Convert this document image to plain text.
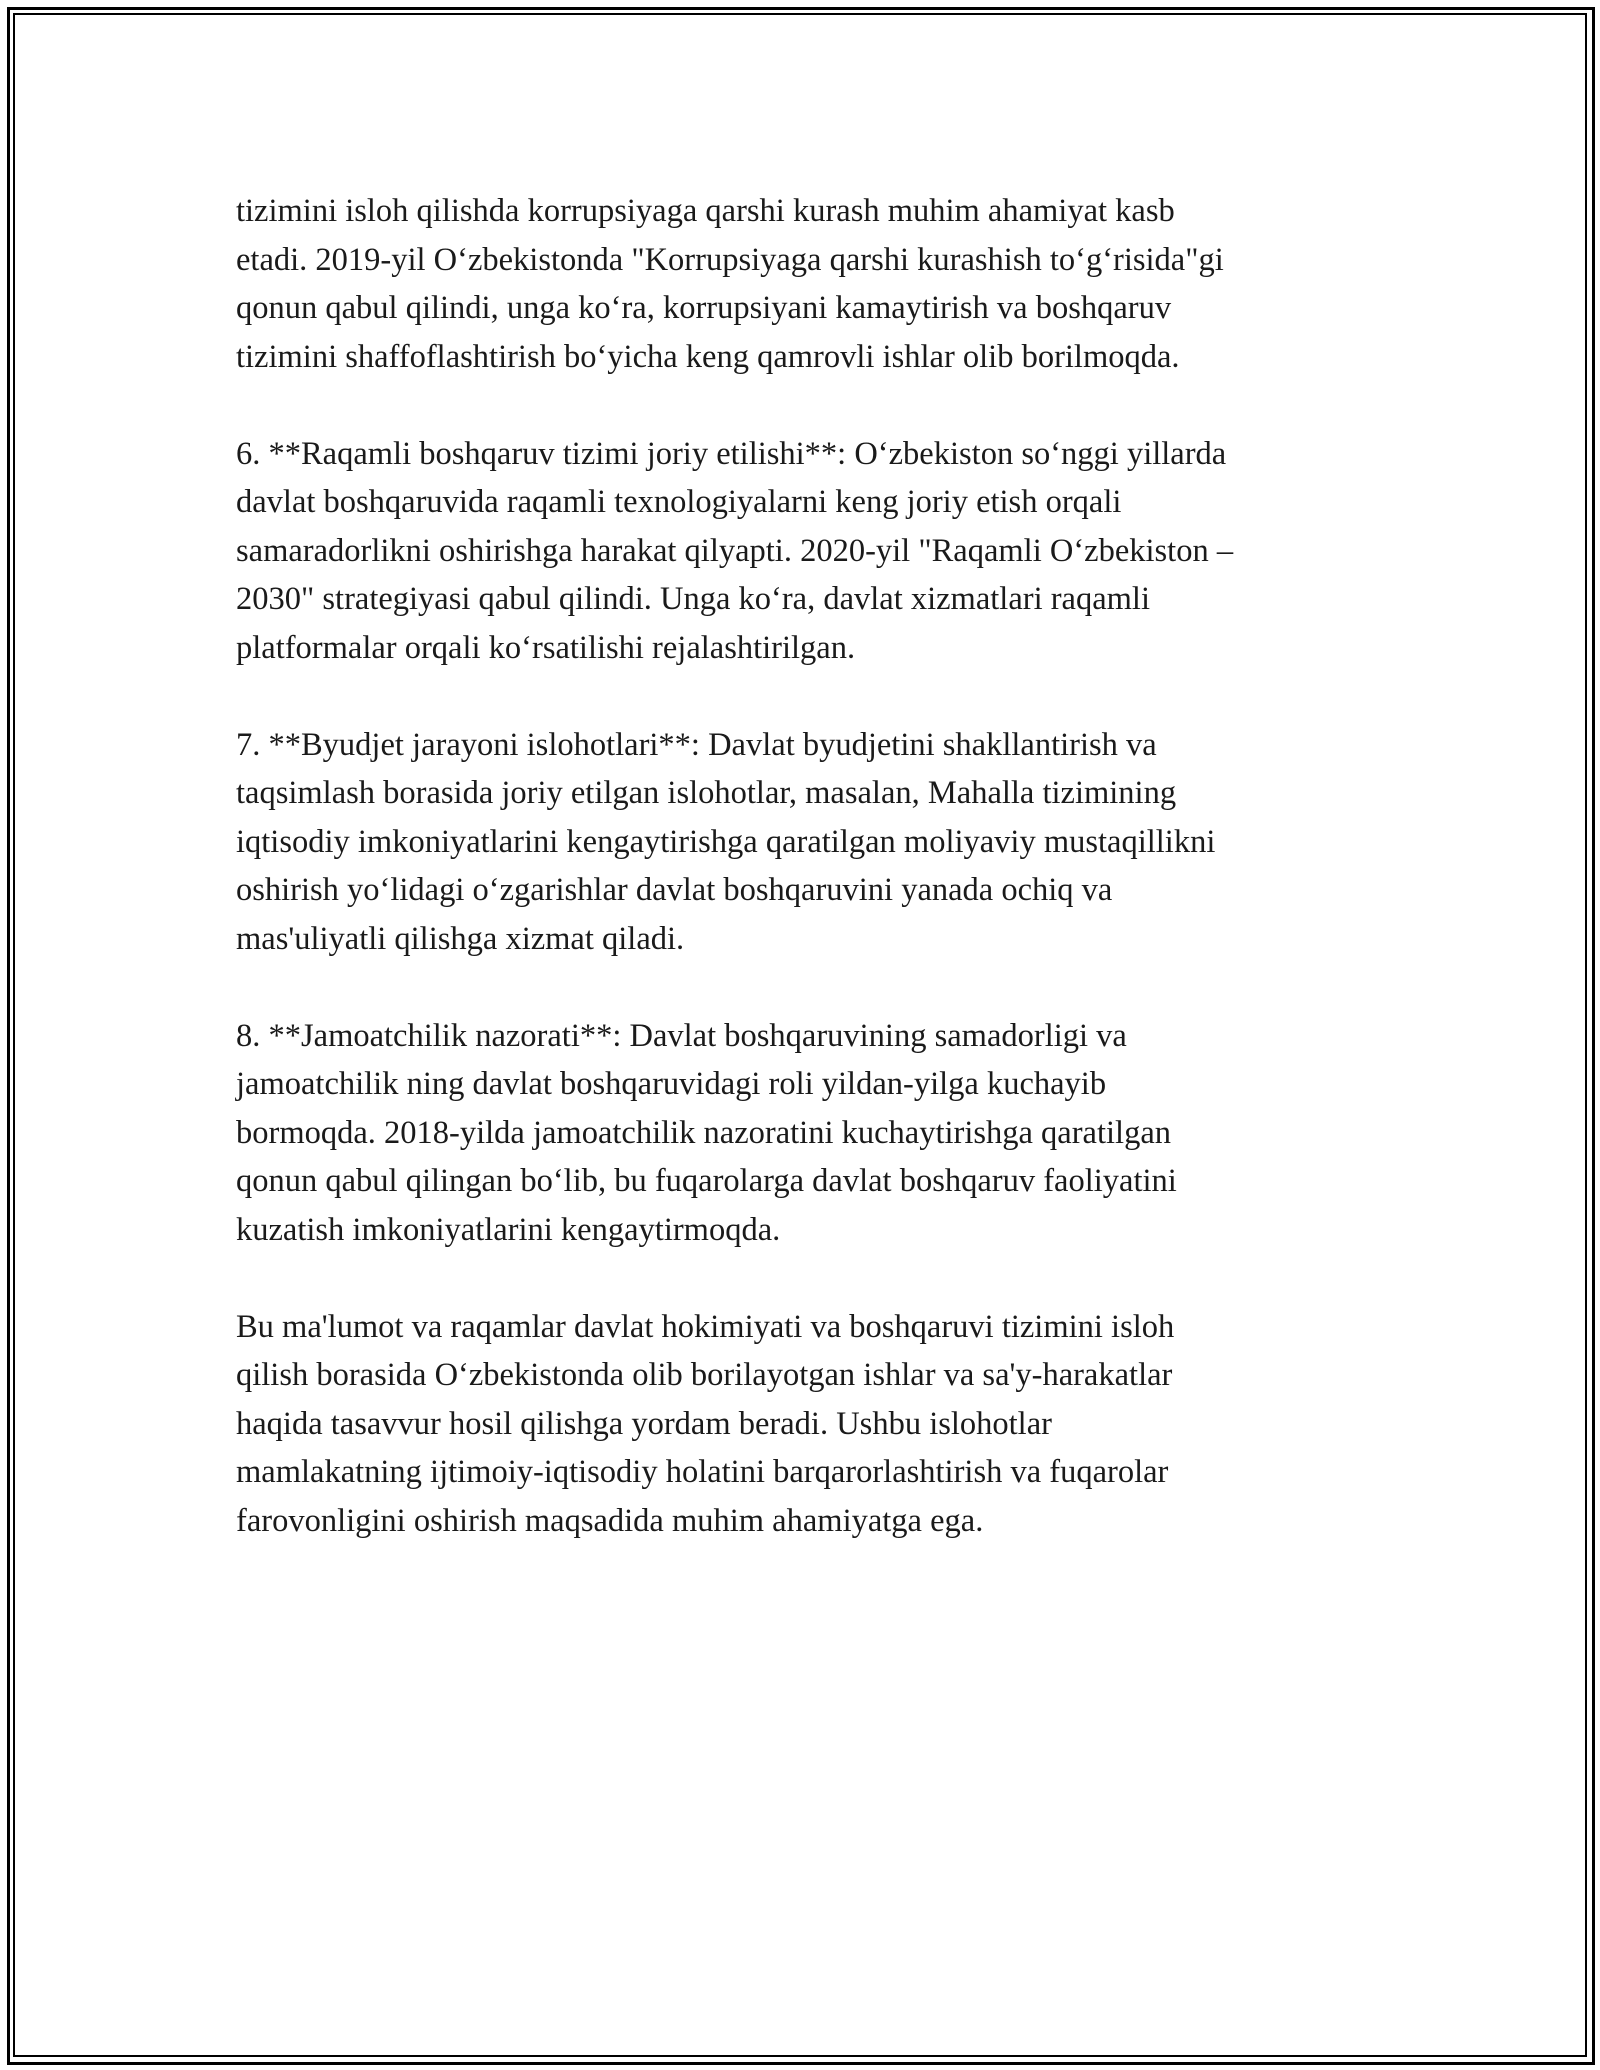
tizimini isloh qilishda korrupsiyaga qarshi kurash muhim ahamiyat kasb
etadi. 2019-yil Oʻzbekistonda "Korrupsiyaga qarshi kurashish toʻgʻrisida"gi
qonun qabul qilindi, unga koʻra, korrupsiyani kamaytirish va boshqaruv
tizimini shaffoflashtirish boʻyicha keng qamrovli ishlar olib borilmoqda.

6. **Raqamli boshqaruv tizimi joriy etilishi**: Oʻzbekiston soʻnggi yillarda
davlat boshqaruvida raqamli texnologiyalarni keng joriy etish orqali
samaradorlikni oshirishga harakat qilyapti. 2020-yil "Raqamli Oʻzbekiston –
2030" strategiyasi qabul qilindi. Unga koʻra, davlat xizmatlari raqamli
platformalar orqali koʻrsatilishi rejalashtirilgan.

7. **Byudjet jarayoni islohotlari**: Davlat byudjetini shakllantirish va
taqsimlash borasida joriy etilgan islohotlar, masalan, Mahalla tizimining
iqtisodiy imkoniyatlarini kengaytirishga qaratilgan moliyaviy mustaqillikni
oshirish yoʻlidagi oʻzgarishlar davlat boshqaruvini yanada ochiq va
mas'uliyatli qilishga xizmat qiladi.

8. **Jamoatchilik nazorati**: Davlat boshqaruvining samadorligi va
jamoatchilik ning davlat boshqaruvidagi roli yildan-yilga kuchayib
bormoqda. 2018-yilda jamoatchilik nazoratini kuchaytirishga qaratilgan
qonun qabul qilingan boʻlib, bu fuqarolarga davlat boshqaruv faoliyatini
kuzatish imkoniyatlarini kengaytirmoqda.

Bu ma'lumot va raqamlar davlat hokimiyati va boshqaruvi tizimini isloh
qilish borasida Oʻzbekistonda olib borilayotgan ishlar va sa'y-harakatlar
haqida tasavvur hosil qilishga yordam beradi. Ushbu islohotlar
mamlakatning ijtimoiy-iqtisodiy holatini barqarorlashtirish va fuqarolar
farovonligini oshirish maqsadida muhim ahamiyatga ega.
